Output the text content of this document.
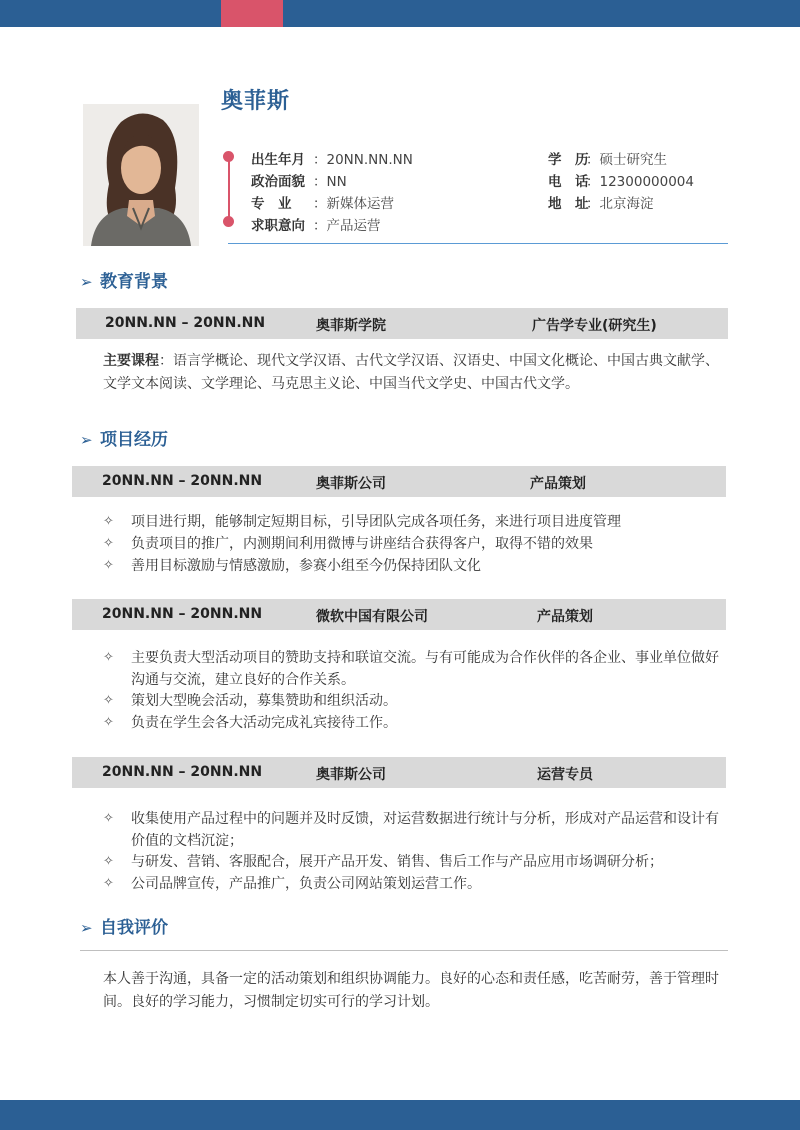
奥菲斯
出生年月 ：20NN.NN.NN
政治面貌 ：NN
专　业 ：新媒体运营
求职意向 ：产品运营
学　历：硕士研究生
电　话：12300000004
地　址：北京海淀
➢ 教育背景
20NN.NN – 20NN.NN	奥菲斯学院	广告学专业(研究生)
主要课程：语言学概论、现代文学汉语、古代文学汉语、汉语史、中国文化概论、中国古典文献学、文学文本阅读、文学理论、马克思主义论、中国当代文学史、中国古代文学。
➢ 项目经历
20NN.NN – 20NN.NN	奥菲斯公司	产品策划
✧ 项目进行期，能够制定短期目标，引导团队完成各项任务，来进行项目进度管理
✧ 负责项目的推广，内测期间利用微博与讲座结合获得客户，取得不错的效果
✧ 善用目标激励与情感激励，参赛小组至今仍保持团队文化
20NN.NN – 20NN.NN	微软中国有限公司	产品策划
✧ 主要负责大型活动项目的赞助支持和联谊交流。与有可能成为合作伙伴的各企业、事业单位做好沟通与交流，建立良好的合作关系。
✧ 策划大型晚会活动，募集赞助和组织活动。
✧ 负责在学生会各大活动完成礼宾接待工作。
20NN.NN – 20NN.NN	奥菲斯公司	运营专员
✧ 收集使用产品过程中的问题并及时反馈，对运营数据进行统计与分析，形成对产品运营和设计有价值的文档沉淀；
✧ 与研发、营销、客服配合，展开产品开发、销售、售后工作与产品应用市场调研分析；
✧ 公司品牌宣传，产品推广，负责公司网站策划运营工作。
➢ 自我评价
本人善于沟通，具备一定的活动策划和组织协调能力。良好的心态和责任感，吃苦耐劳，善于管理时间。良好的学习能力，习惯制定切实可行的学习计划。
